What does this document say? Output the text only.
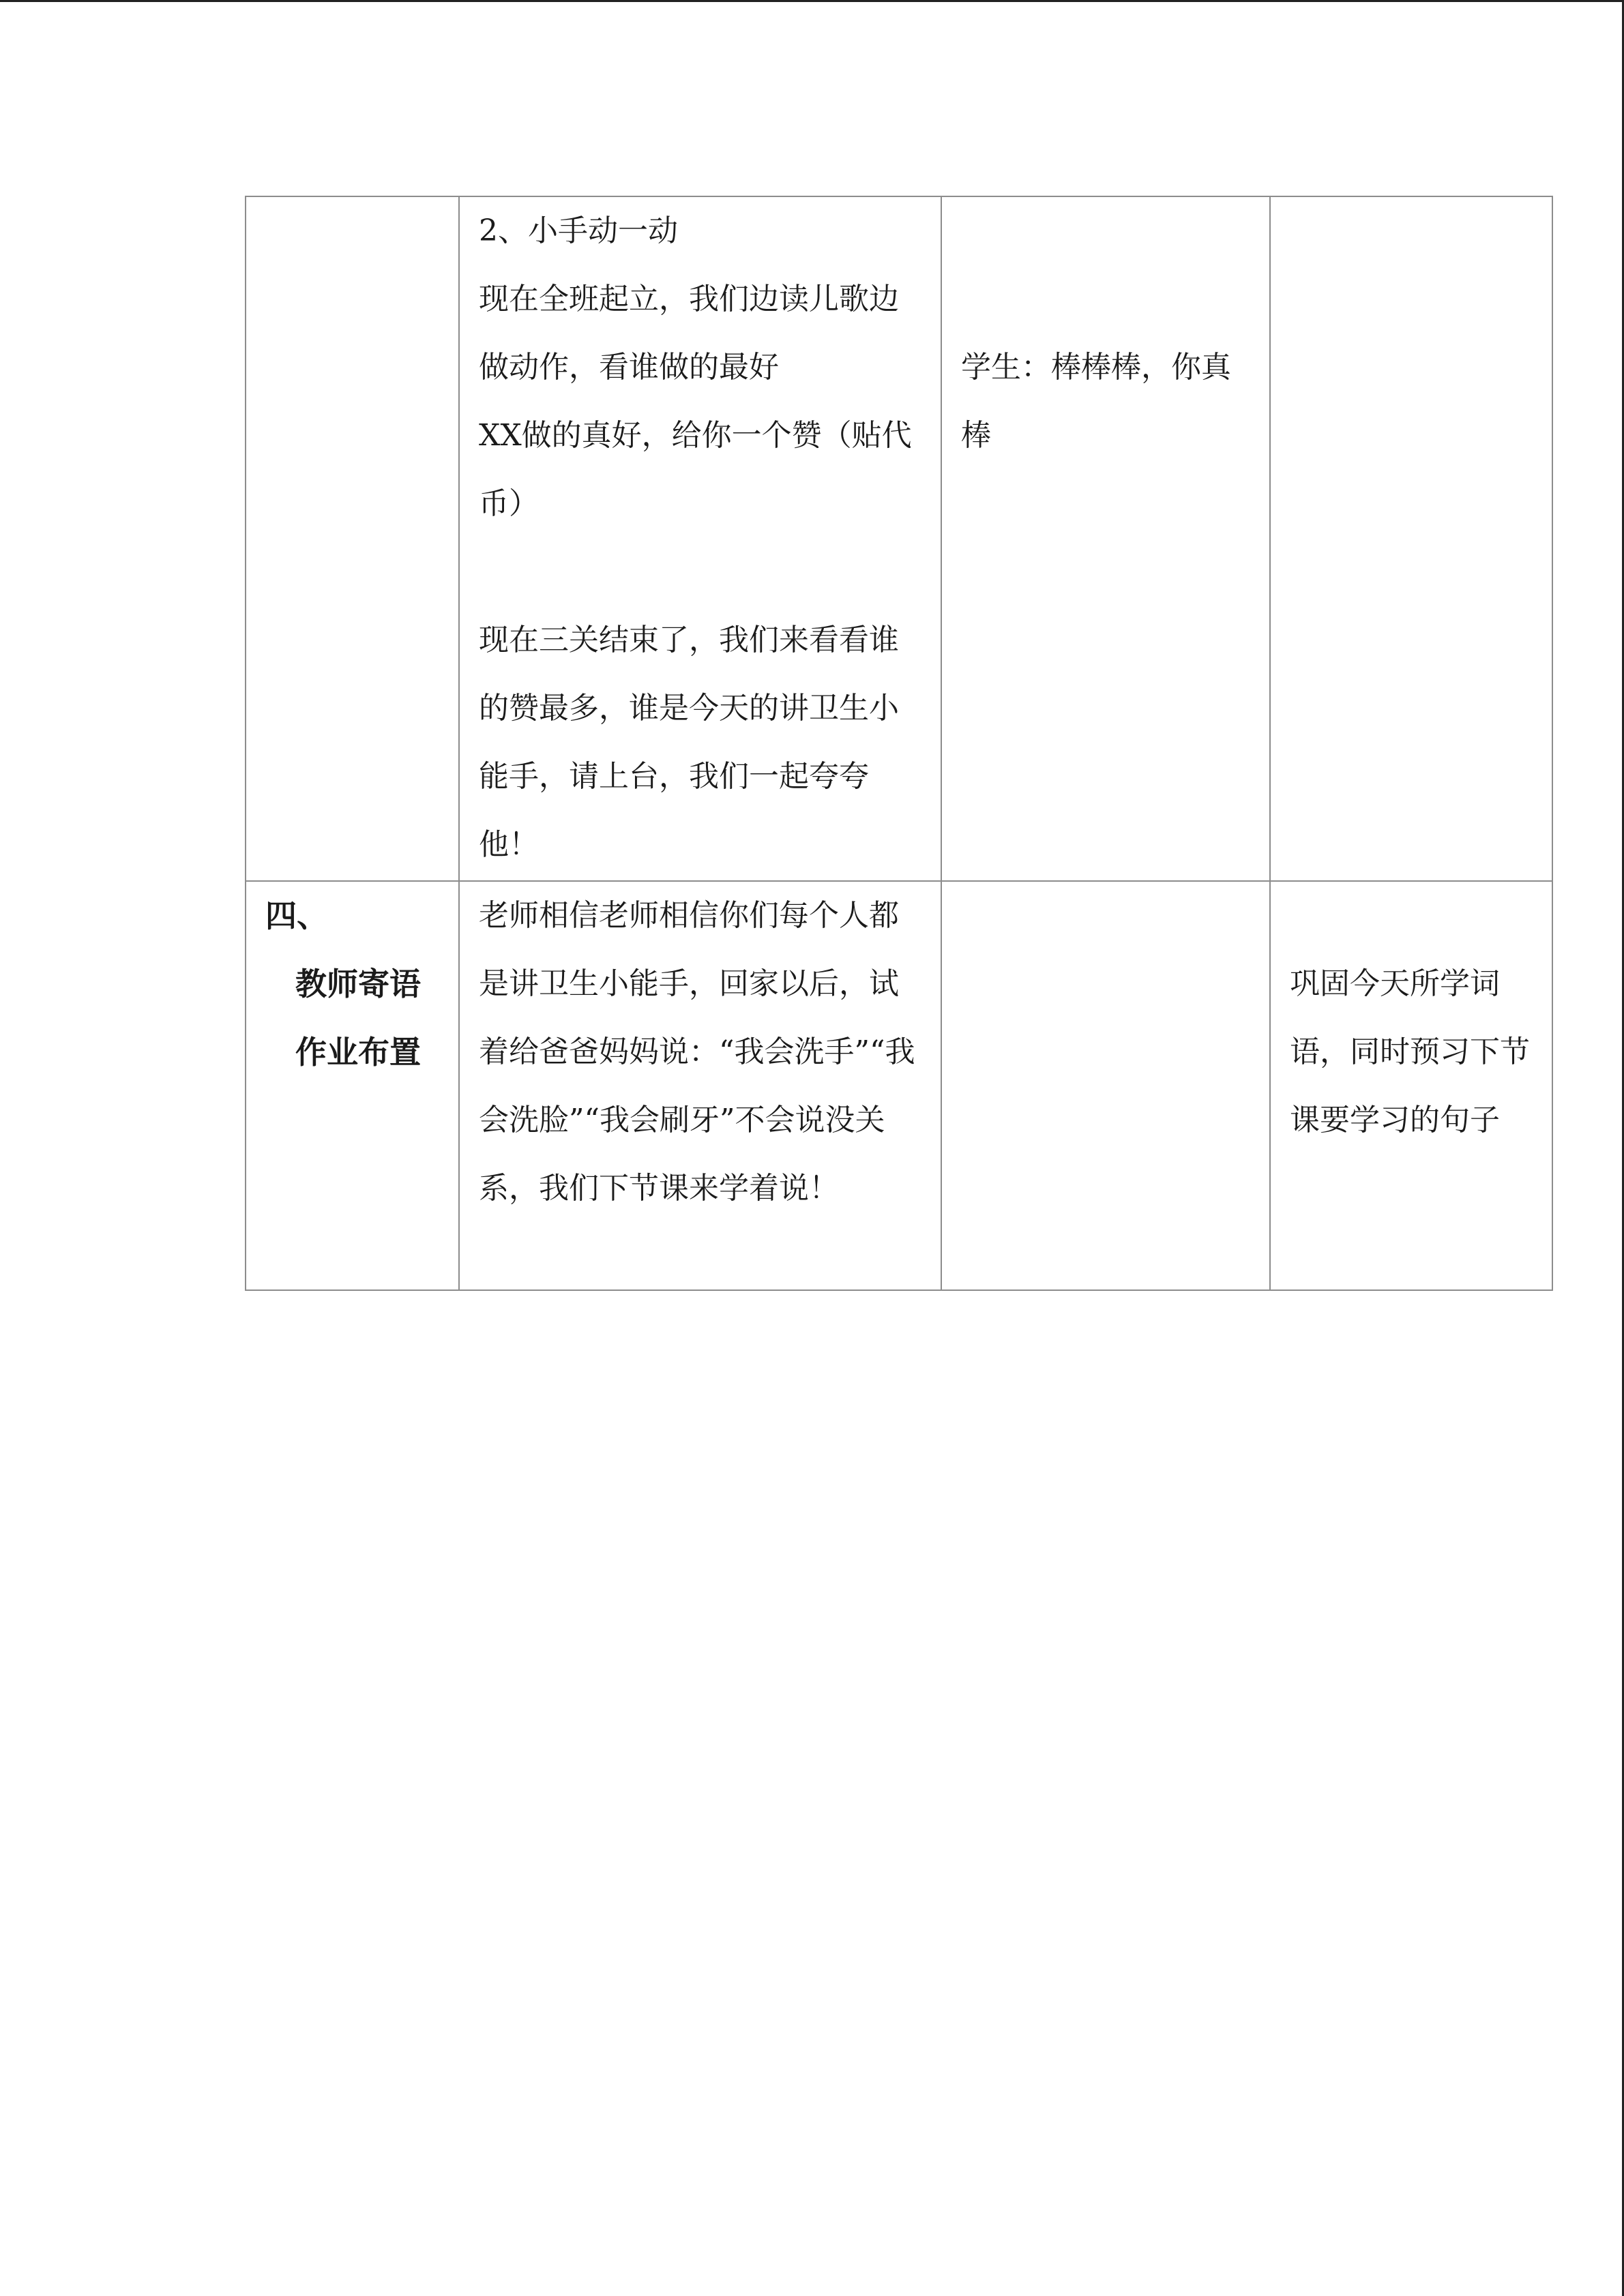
	2、小手动一动
现在全班起立，我们边读儿歌边做动作，看谁做的最好
XX做的真好，给你一个赞（贴代币）

现在三关结束了，我们来看看谁的赞最多，谁是今天的讲卫生小能手，请上台，我们一起夸夸他！	学生：棒棒棒，你真棒	

四、
教师寄语
作业布置	老师相信老师相信你们每个人都是讲卫生小能手，回家以后，试着给爸爸妈妈说：“我会洗手”“我会洗脸”“我会刷牙”不会说没关系，我们下节课来学着说！		巩固今天所学词语，同时预习下节课要学习的句子
